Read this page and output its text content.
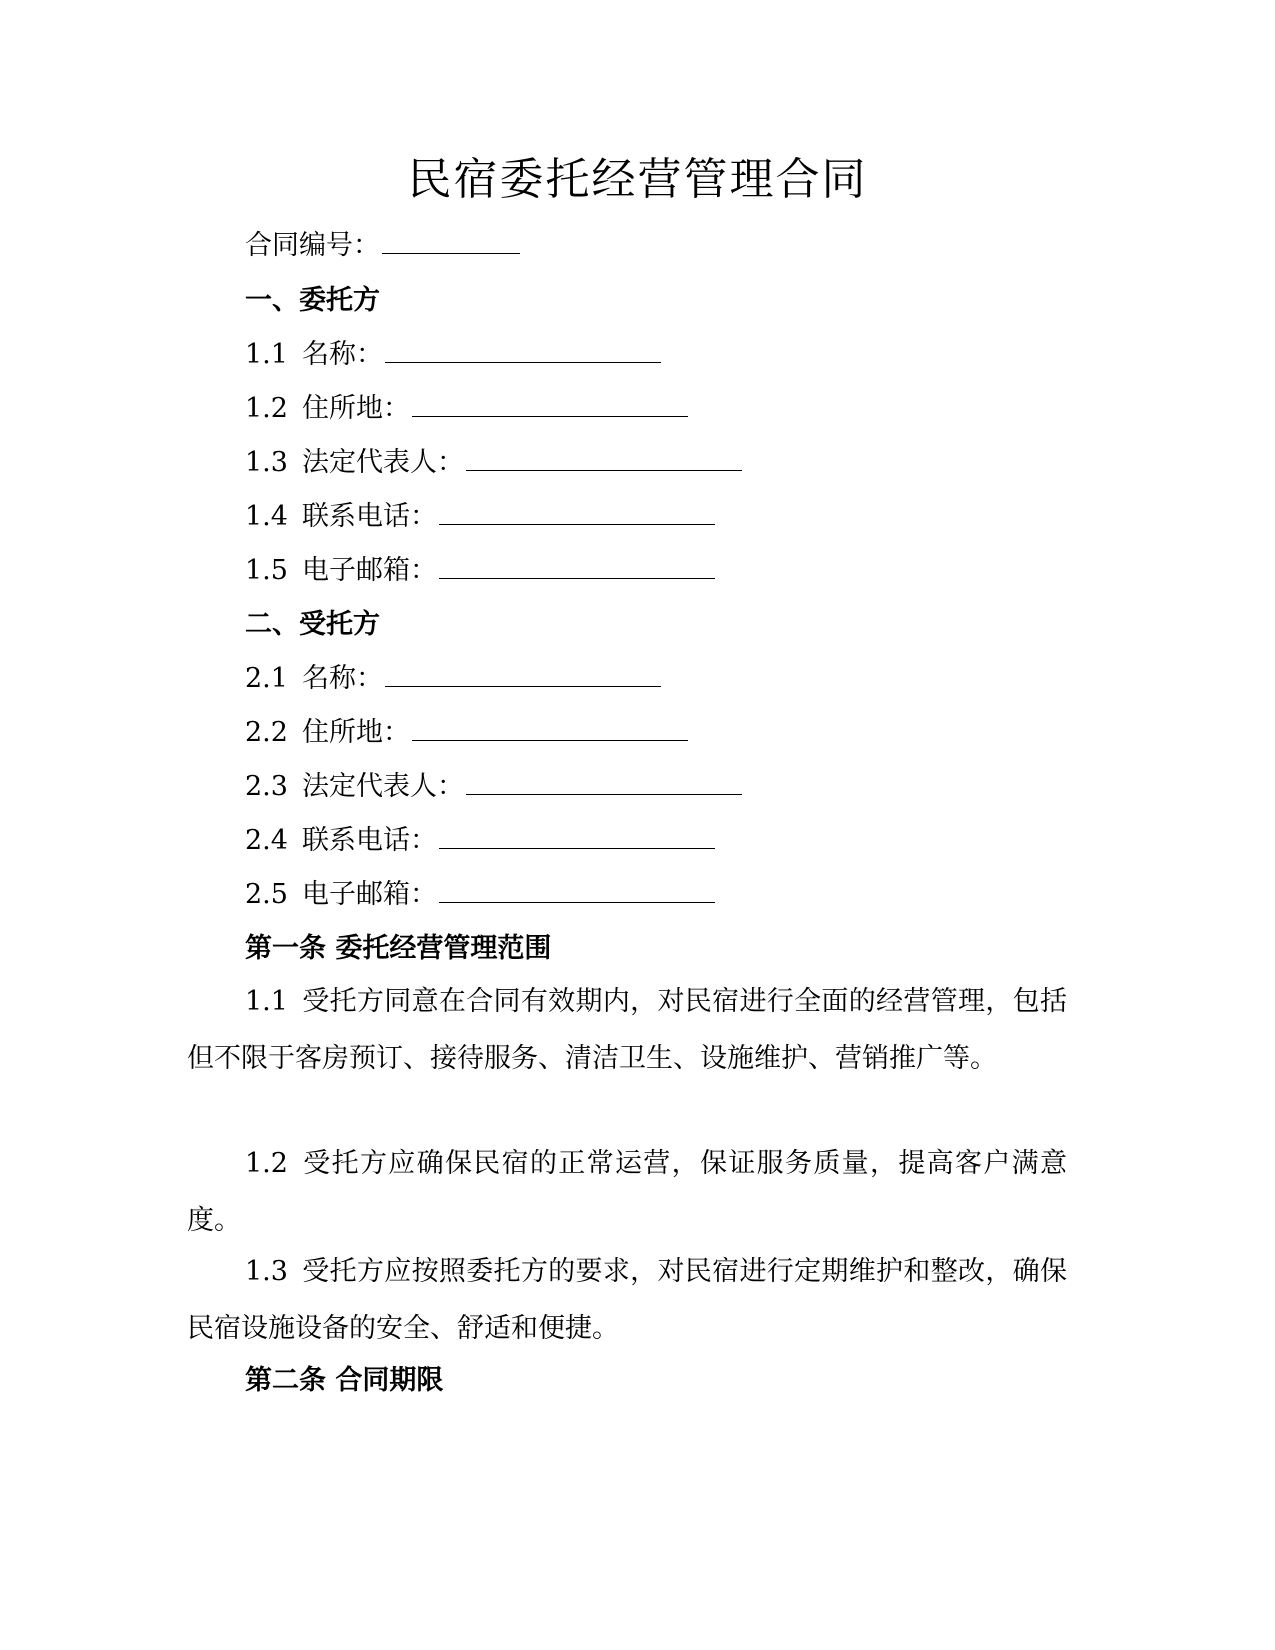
民宿委托经营管理合同
合同编号：
一、委托方
1.1 名称：
1.2 住所地：
1.3 法定代表人：
1.4 联系电话：
1.5 电子邮箱：
二、受托方
2.1 名称：
2.2 住所地：
2.3 法定代表人：
2.4 联系电话：
2.5 电子邮箱：
第一条 委托经营管理范围
1.1 受托方同意在合同有效期内，对民宿进行全面的经营管理，包括但不限于客房预订、接待服务、清洁卫生、设施维护、营销推广等。
1.2 受托方应确保民宿的正常运营，保证服务质量，提高客户满意度。
1.3 受托方应按照委托方的要求，对民宿进行定期维护和整改，确保民宿设施设备的安全、舒适和便捷。
第二条 合同期限
